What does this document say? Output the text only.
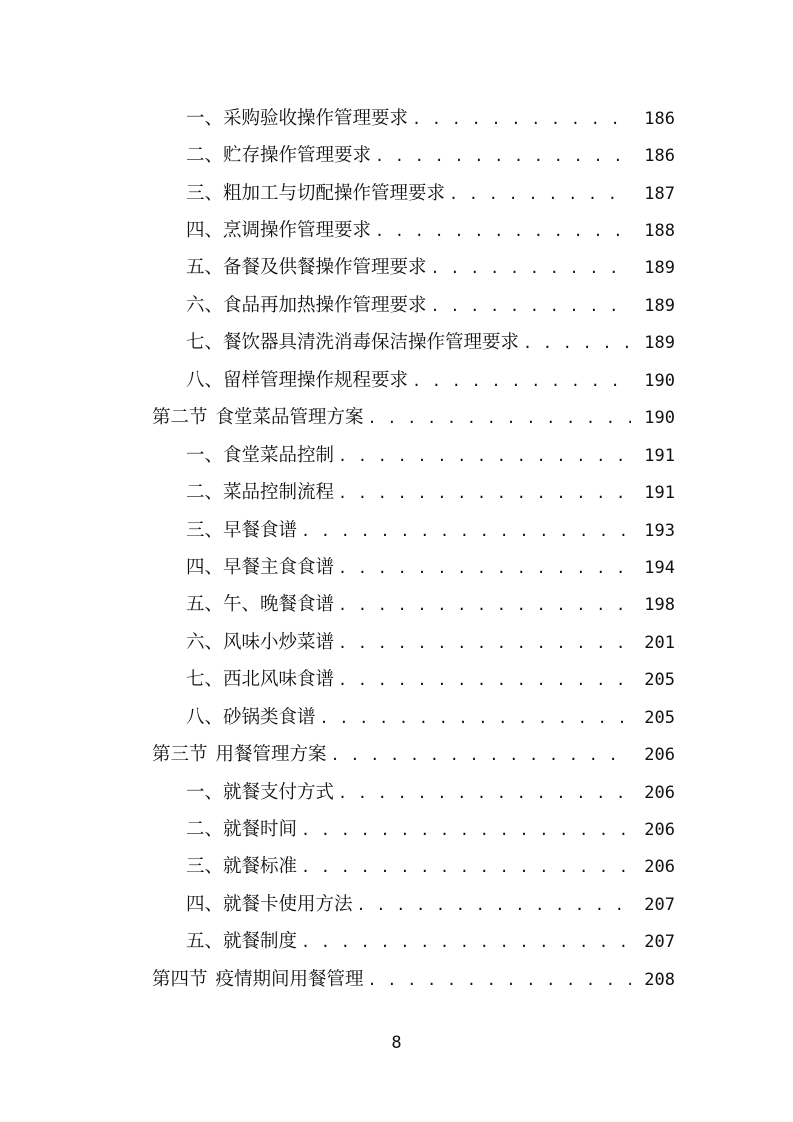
一、 采购验收操作管理要求 . . .	186
二、 贮存操作管理要求 . . .	186
三、 粗加工与切配操作管理要求 . . .	187
四、 烹调操作管理要求 . . .	188
五、 备餐及供餐操作管理要求 . . .	189
六、 食品再加热操作管理要求 . . .	189
七、 餐饮器具清洗消毒保洁操作管理要求 . . .	189
八、 留样管理操作规程要求 . . .	190
第二节 食堂菜品管理方案 . . .	190
一、 食堂菜品控制 . . .	191
二、 菜品控制流程 . . .	191
三、 早餐食谱 . . .	193
四、 早餐主食食谱 . . .	194
五、 午、晚餐食谱 . . .	198
六、 风味小炒菜谱 . . .	201
七、 西北风味食谱 . . .	205
八、 砂锅类食谱 . . .	205
第三节 用餐管理方案 . . .	206
一、 就餐支付方式 . . .	206
二、 就餐时间 . . .	206
三、 就餐标准 . . .	206
四、 就餐卡使用方法 . . .	207
五、 就餐制度 . . .	207
第四节 疫情期间用餐管理 . . .	208
8
